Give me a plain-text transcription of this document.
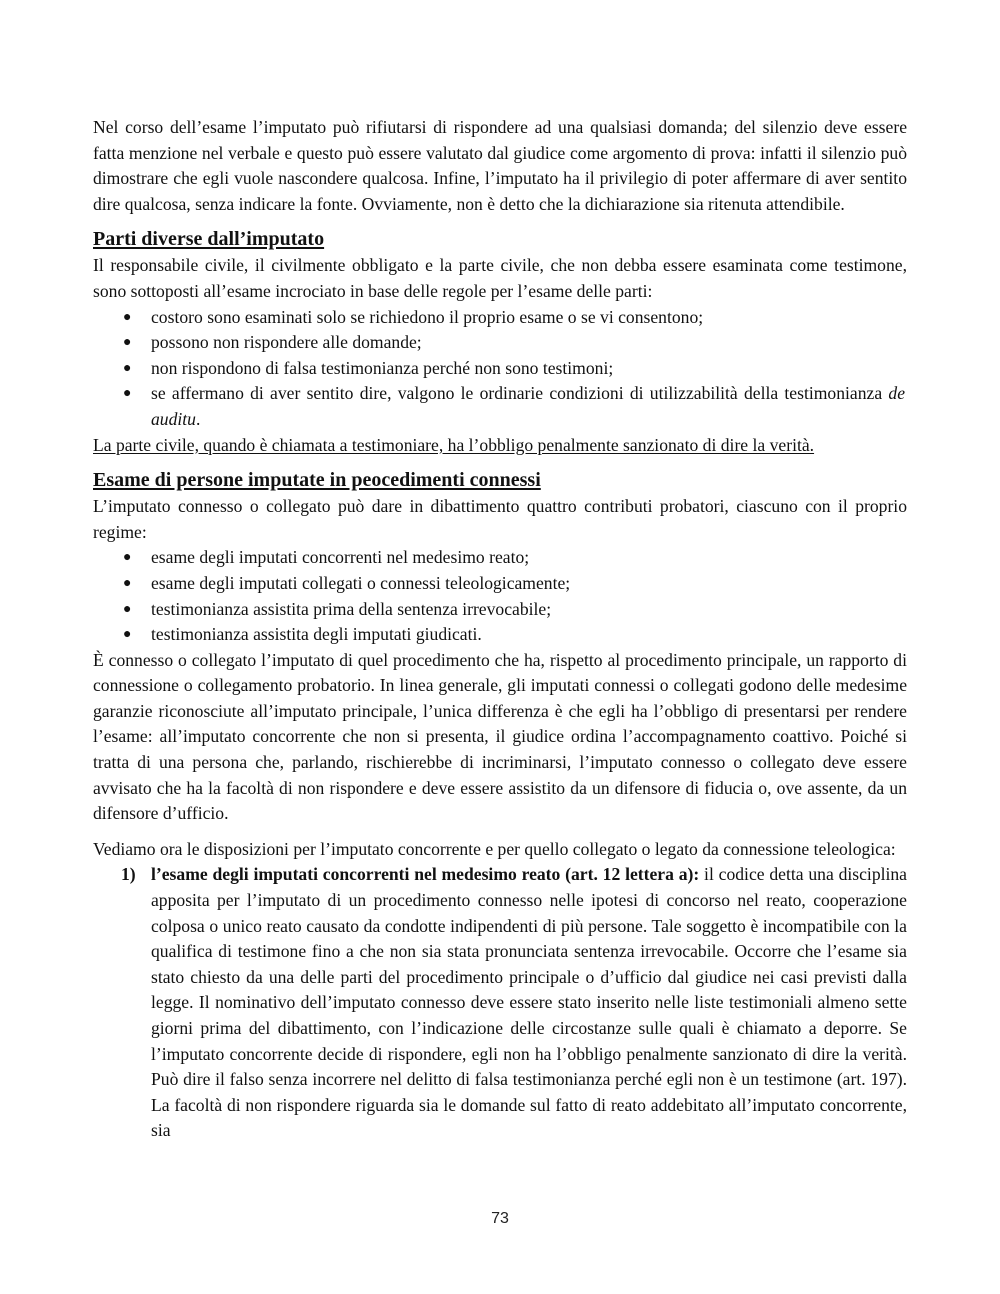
Nel corso dell’esame l’imputato può rifiutarsi di rispondere ad una qualsiasi domanda; del silenzio deve essere fatta menzione nel verbale e questo può essere valutato dal giudice come argomento di prova: infatti il silenzio può dimostrare che egli vuole nascondere qualcosa. Infine, l’imputato ha il privilegio di poter affermare di aver sentito dire qualcosa, senza indicare la fonte. Ovviamente, non è detto che la dichiarazione sia ritenuta attendibile.

Parti diverse dall’imputato

Il responsabile civile, il civilmente obbligato e la parte civile, che non debba essere esaminata come testimone, sono sottoposti all’esame incrociato in base delle regole per l’esame delle parti:

● costoro sono esaminati solo se richiedono il proprio esame o se vi consentono;
● possono non rispondere alle domande;
● non rispondono di falsa testimonianza perché non sono testimoni;
● se affermano di aver sentito dire, valgono le ordinarie condizioni di utilizzabilità della testimonianza de auditu.

La parte civile, quando è chiamata a testimoniare, ha l’obbligo penalmente sanzionato di dire la verità.

Esame di persone imputate in peocedimenti connessi

L’imputato connesso o collegato può dare in dibattimento quattro contributi probatori, ciascuno con il proprio regime:

● esame degli imputati concorrenti nel medesimo reato;
● esame degli imputati collegati o connessi teleologicamente;
● testimonianza assistita prima della sentenza irrevocabile;
● testimonianza assistita degli imputati giudicati.

È connesso o collegato l’imputato di quel procedimento che ha, rispetto al procedimento principale, un rapporto di connessione o collegamento probatorio. In linea generale, gli imputati connessi o collegati godono delle medesime garanzie riconosciute all’imputato principale, l’unica differenza è che egli ha l’obbligo di presentarsi per rendere l’esame: all’imputato concorrente che non si presenta, il giudice ordina l’accompagnamento coattivo. Poiché si tratta di una persona che, parlando, rischierebbe di incriminarsi, l’imputato connesso o collegato deve essere avvisato che ha la facoltà di non rispondere e deve essere assistito da un difensore di fiducia o, ove assente, da un difensore d’ufficio.

Vediamo ora le disposizioni per l’imputato concorrente e per quello collegato o legato da connessione teleologica:

1) l’esame degli imputati concorrenti nel medesimo reato (art. 12 lettera a): il codice detta una disciplina apposita per l’imputato di un procedimento connesso nelle ipotesi di concorso nel reato, cooperazione colposa o unico reato causato da condotte indipendenti di più persone. Tale soggetto è incompatibile con la qualifica di testimone fino a che non sia stata pronunciata sentenza irrevocabile. Occorre che l’esame sia stato chiesto da una delle parti del procedimento principale o d’ufficio dal giudice nei casi previsti dalla legge. Il nominativo dell’imputato connesso deve essere stato inserito nelle liste testimoniali almeno sette giorni prima del dibattimento, con l’indicazione delle circostanze sulle quali è chiamato a deporre. Se l’imputato concorrente decide di rispondere, egli non ha l’obbligo penalmente sanzionato di dire la verità. Può dire il falso senza incorrere nel delitto di falsa testimonianza perché egli non è un testimone (art. 197). La facoltà di non rispondere riguarda sia le domande sul fatto di reato addebitato all’imputato concorrente, sia
73
